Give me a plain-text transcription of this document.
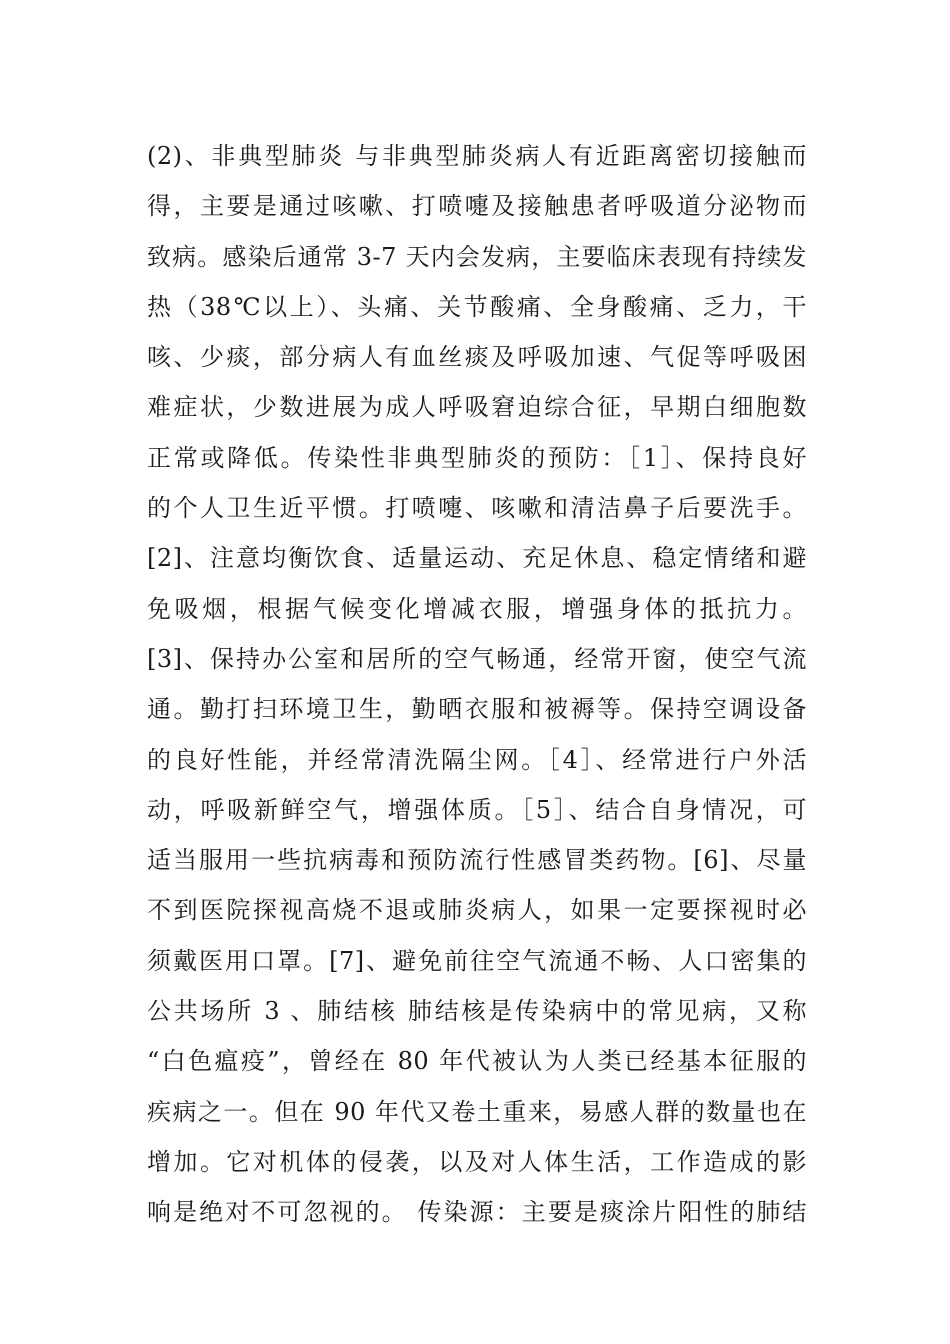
(2)、非典型肺炎 与非典型肺炎病人有近距离密切接触而
得，主要是通过咳嗽、打喷嚏及接触患者呼吸道分泌物而
致病。感染后通常 3-7 天内会发病，主要临床表现有持续发
热（38℃以上）、头痛、关节酸痛、全身酸痛、乏力，干
咳、少痰，部分病人有血丝痰及呼吸加速、气促等呼吸困
难症状，少数进展为成人呼吸窘迫综合征，早期白细胞数
正常或降低。传染性非典型肺炎的预防：［1］、保持良好
的个人卫生近平惯。打喷嚏、咳嗽和清洁鼻子后要洗手。
[2]、注意均衡饮食、适量运动、充足休息、稳定情绪和避
免吸烟，根据气候变化增减衣服，增强身体的抵抗力。
[3]、保持办公室和居所的空气畅通，经常开窗，使空气流
通。勤打扫环境卫生，勤晒衣服和被褥等。保持空调设备
的良好性能，并经常清洗隔尘网。［4］、经常进行户外活
动，呼吸新鲜空气，增强体质。［5］、结合自身情况，可
适当服用一些抗病毒和预防流行性感冒类药物。[6]、尽量
不到医院探视高烧不退或肺炎病人，如果一定要探视时必
须戴医用口罩。[7]、避免前往空气流通不畅、人口密集的
公共场所 3 、肺结核 肺结核是传染病中的常见病，又称
“白色瘟疫”，曾经在 80 年代被认为人类已经基本征服的
疾病之一。但在 90 年代又卷土重来，易感人群的数量也在
增加。它对机体的侵袭，以及对人体生活，工作造成的影
响是绝对不可忽视的。 传染源：主要是痰涂片阳性的肺结
